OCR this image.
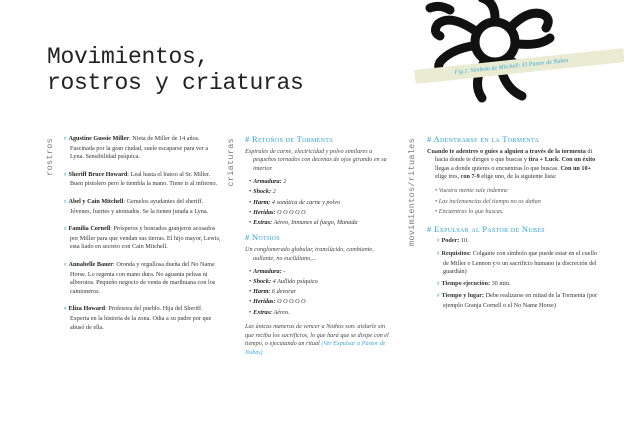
Movimientos,
rostros y criaturas
Fig 1. Símbolo de Mitchell: El Pastor de Nubes
rostros	criaturas	movimientos/rituales

# Agustine Gussie Miller: Nieta de Miller de 14 años. Fascinada por la gran ciudad, suele escaparse para ver a Lyna. Sensibilidad psíquica.

# Sheriff Bruce Howard: Leal hasta el hueso al Sr. Miller. Buen pistolero pero le tiembla la mano. Tiene ir al infierno.

# Abel y Cain Mitchell: Gemelos ayudantes del sheriff. Jóvenes, fuertes y atontados. Se la tienen jurada a Lyna.

# Familia Cornell: Prósperos y honrados granjeros acosados por Miller para que vendan sus tierras. El hijo mayor, Lewis, esta liado en secreto con Cain Mitchell.

# Annabelle Bauer: Oronda y orgullosa dueña del No Name Horse. Lo regenta con mano dura. No aguanta peleas ni alborotos. Pequeño negocio de venta de marihuana con los camioneros.

# Eliza Howard: Profesora del pueblo. Hija del Sheriff. Experta en la historia de la zona. Odia a su padre por que abusó de ella.

# Retoños de Tormenta

Espirales de carne, electricidad y polvo similares a pequeños tornados con decenas de ojos girando en su interior.

• Armadura: 2
• Shock: 2
• Harm: 4 sonática de carne y polvo
• Heridas: O O O O O
• Extras: Aéreo, Inmunes al fuego, Manada
# Nothos

Un conglomerado globular, translúcido, cambiante, aullante, no euclidiano,...

• Armadura: -
• Shock: 4 Aullido psíquico
• Harm: 6 devorar
• Heridas: O O O O O
• Extras: Aéreo.

Las únicas maneras de vencer a Nothos son: aislarle sin que reciba los sacrificios, lo que hará que se disipe con el tiempo, o ejecutando un ritual (Ver Expulsar a Pastor de Nubes)

# Adentrarse en la Tormenta

Cuando te adentres o guíes a alguien a través de la tormenta di hacia donde te diriges o que buscas y tira + Luck. Con un éxito llegas a donde quieres o encuentras lo que buscas. Con un 10+ elige tres, con 7-9 elige uno, de la siguiente lista:

• Vuestra mente sale indemne
• Las inclemencias del tiempo no os dañan
• Encuentras lo que buscas.
# Expulsar al Pastor de Nubes
# Poder: 10.
# Requisitos: Colgante con símbolo que puede estar en el cuello de Miller o Lennon y/o un sacrificio humano (a discreción del guardián)
# Tiempo ejecución: 30 min.
# Tiempo y lugar: Debe realizarse en mitad de la Tormenta (por ejemplo Granja Cornell o el No Name Horse)
